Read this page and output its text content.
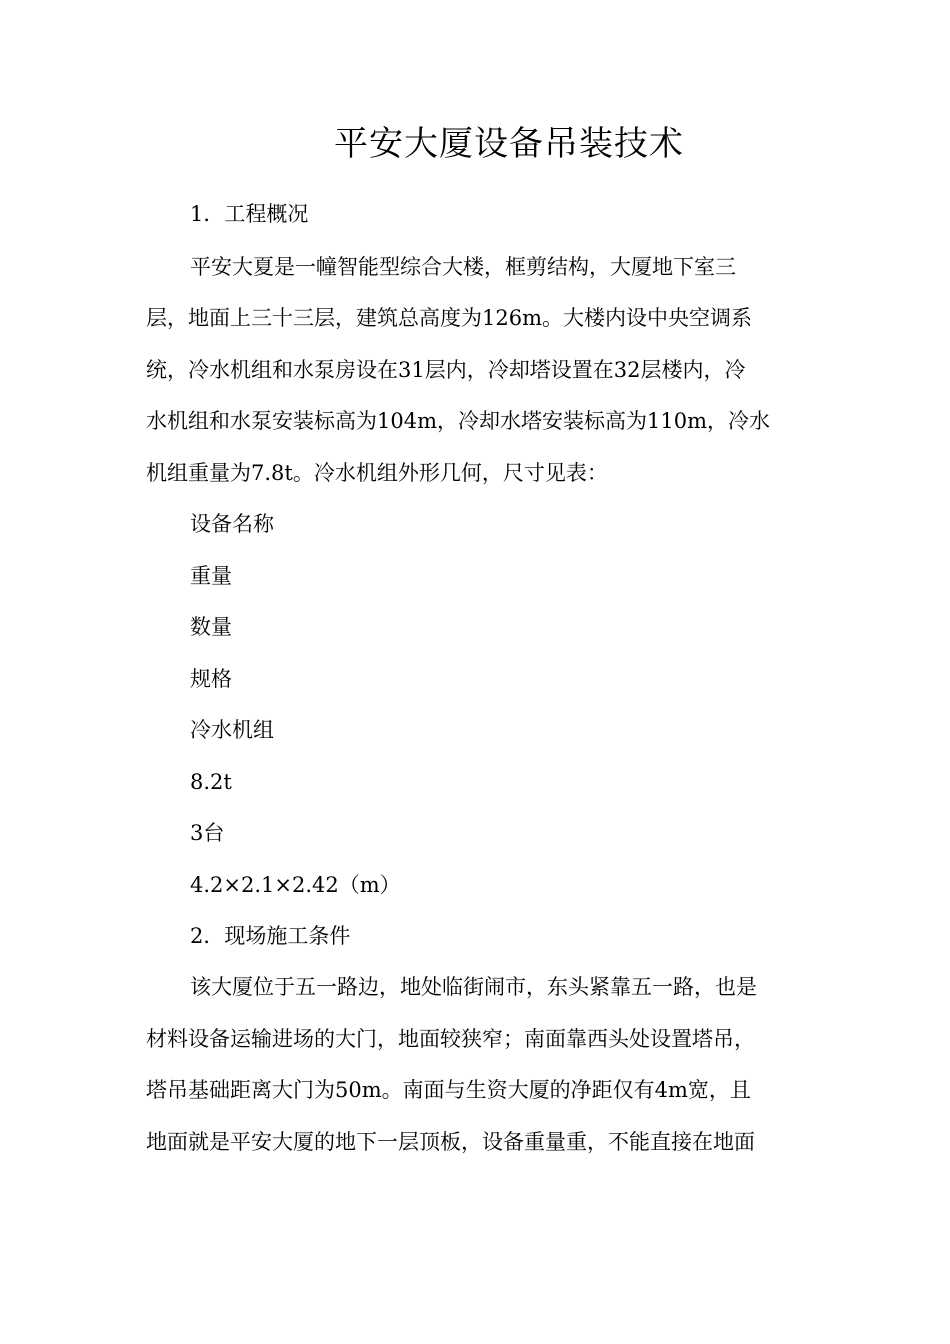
平安大厦设备吊装技术
1．工程概况
平安大夏是一幢智能型综合大楼，框剪结构，大厦地下室三
层，地面上三十三层，建筑总高度为126m。大楼内设中央空调系
统，冷水机组和水泵房设在31层内，冷却塔设置在32层楼内，冷
水机组和水泵安装标高为104m，冷却水塔安装标高为110m，冷水
机组重量为7.8t。冷水机组外形几何，尺寸见表：
设备名称
重量
数量
规格
冷水机组
8.2t
3台
4.2×2.1×2.42（m）
2．现场施工条件
该大厦位于五一路边，地处临街闹市，东头紧靠五一路，也是
材料设备运输进场的大门，地面较狭窄；南面靠西头处设置塔吊，
塔吊基础距离大门为50m。南面与生资大厦的净距仅有4m宽，且
地面就是平安大厦的地下一层顶板，设备重量重，不能直接在地面
